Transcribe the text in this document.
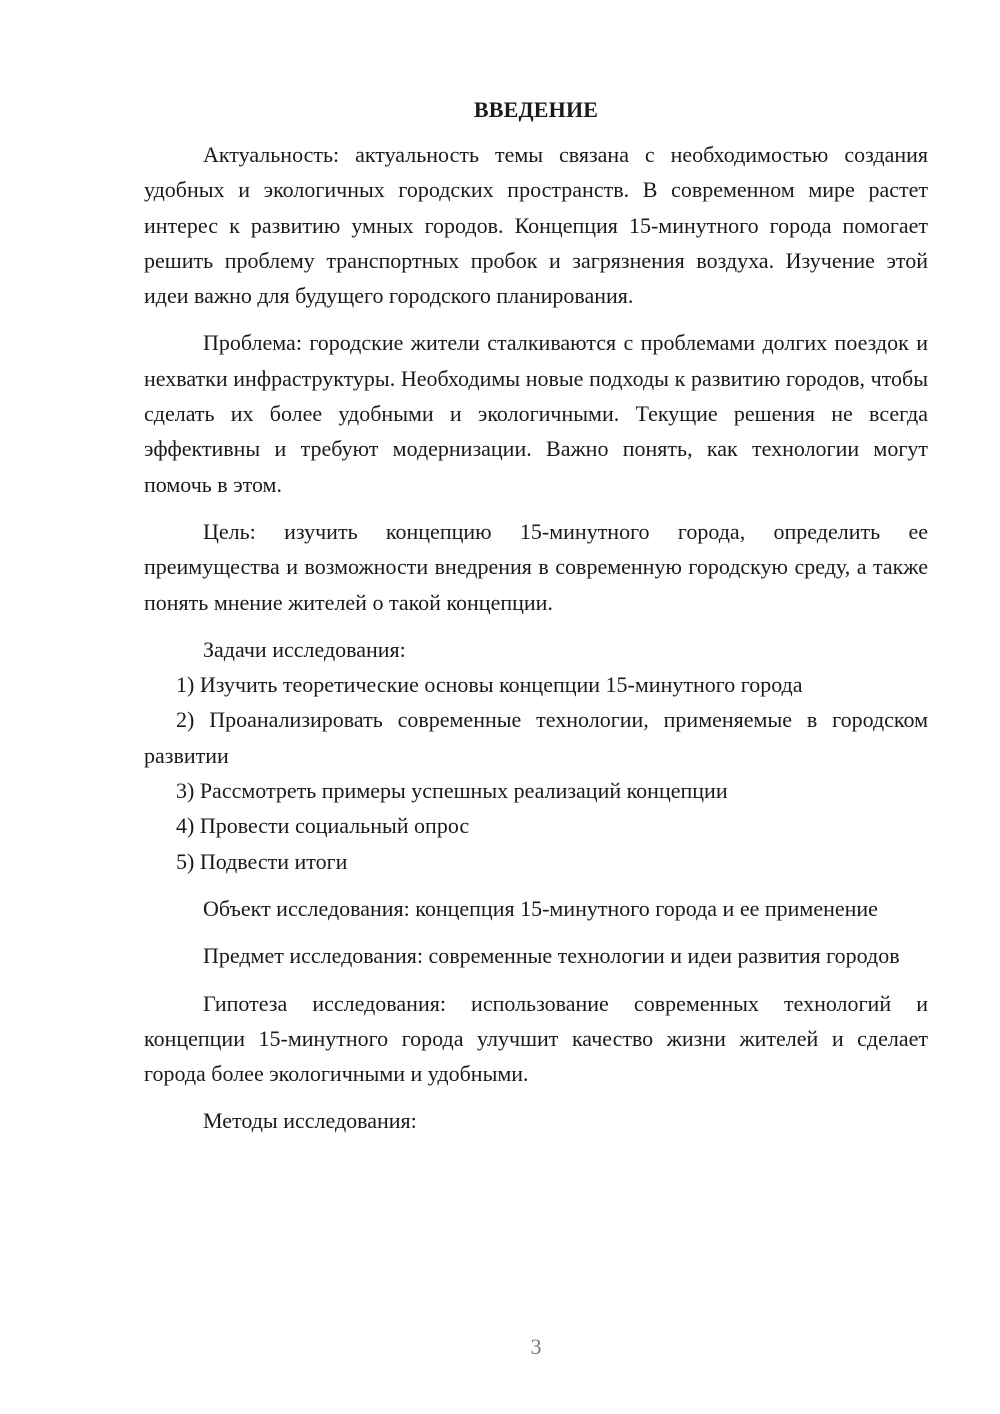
ВВЕДЕНИЕ

Актуальность: актуальность темы связана с необходимостью создания удобных и экологичных городских пространств. В современном мире растет интерес к развитию умных городов. Концепция 15-минутного города помогает решить проблему транспортных пробок и загрязнения воздуха. Изучение этой идеи важно для будущего городского планирования.

Проблема: городские жители сталкиваются с проблемами долгих поездок и нехватки инфраструктуры. Необходимы новые подходы к развитию городов, чтобы сделать их более удобными и экологичными. Текущие решения не всегда эффективны и требуют модернизации. Важно понять, как технологии могут помочь в этом.

Цель: изучить концепцию 15-минутного города, определить ее преимущества и возможности внедрения в современную городскую среду, а также понять мнение жителей о такой концепции.

Задачи исследования:

1) Изучить теоретические основы концепции 15-минутного города

2) Проанализировать современные технологии, применяемые в городском развитии

3) Рассмотреть примеры успешных реализаций концепции

4) Провести социальный опрос

5) Подвести итоги

Объект исследования: концепция 15-минутного города и ее применение

Предмет исследования: современные технологии и идеи развития городов

Гипотеза исследования: использование современных технологий и концепции 15-минутного города улучшит качество жизни жителей и сделает города более экологичными и удобными.

Методы исследования:

3
